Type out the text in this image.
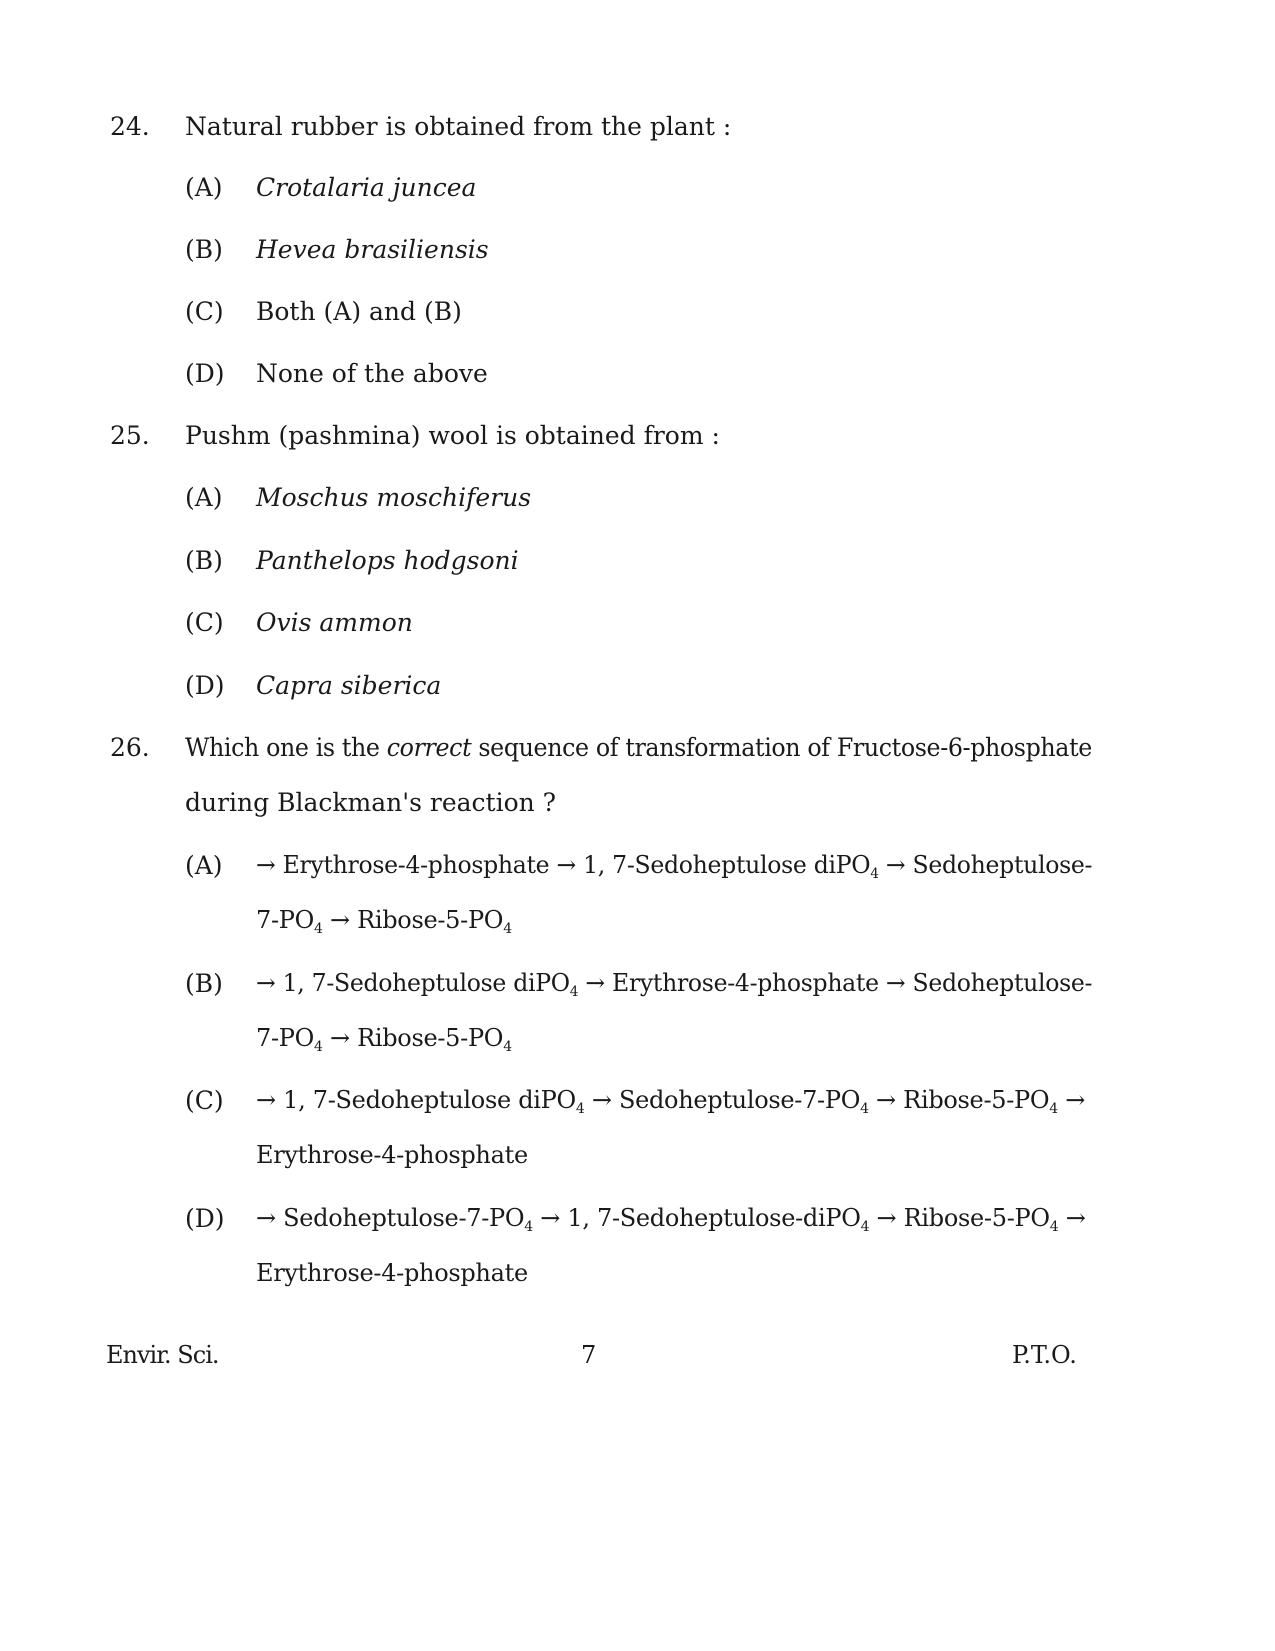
24. Natural rubber is obtained from the plant :
(A) Crotalaria juncea
(B) Hevea brasiliensis
(C) Both (A) and (B)
(D) None of the above
25. Pushm (pashmina) wool is obtained from :
(A) Moschus moschiferus
(B) Panthelops hodgsoni
(C) Ovis ammon
(D) Capra siberica
26. Which one is the correct sequence of transformation of Fructose-6-phosphate
during Blackman's reaction ?
(A) → Erythrose-4-phosphate → 1, 7-Sedoheptulose diPO$_4$ → Sedoheptulose-
$7-PO_4$ → Ribose-$5-PO_4$
(B) → 1, 7-Sedoheptulose diPO$_4$ → Erythrose-4-phosphate → Sedoheptulose-
$7-PO_4$ → Ribose-$5-PO_4$
(C) → 1, 7-Sedoheptulose diPO$_4$ → Sedoheptulose-$7-PO_4$ → Ribose-$5-PO_4$ →
Erythrose-4-phosphate
(D) → Sedoheptulose-$7-PO_4 \to 1$, 7-Sedoheptulose-diPO$_4$ → Ribose-$5-PO_4$ →
Erythrose-4-phosphate
Envir. Sci.	7	P.T.O.
